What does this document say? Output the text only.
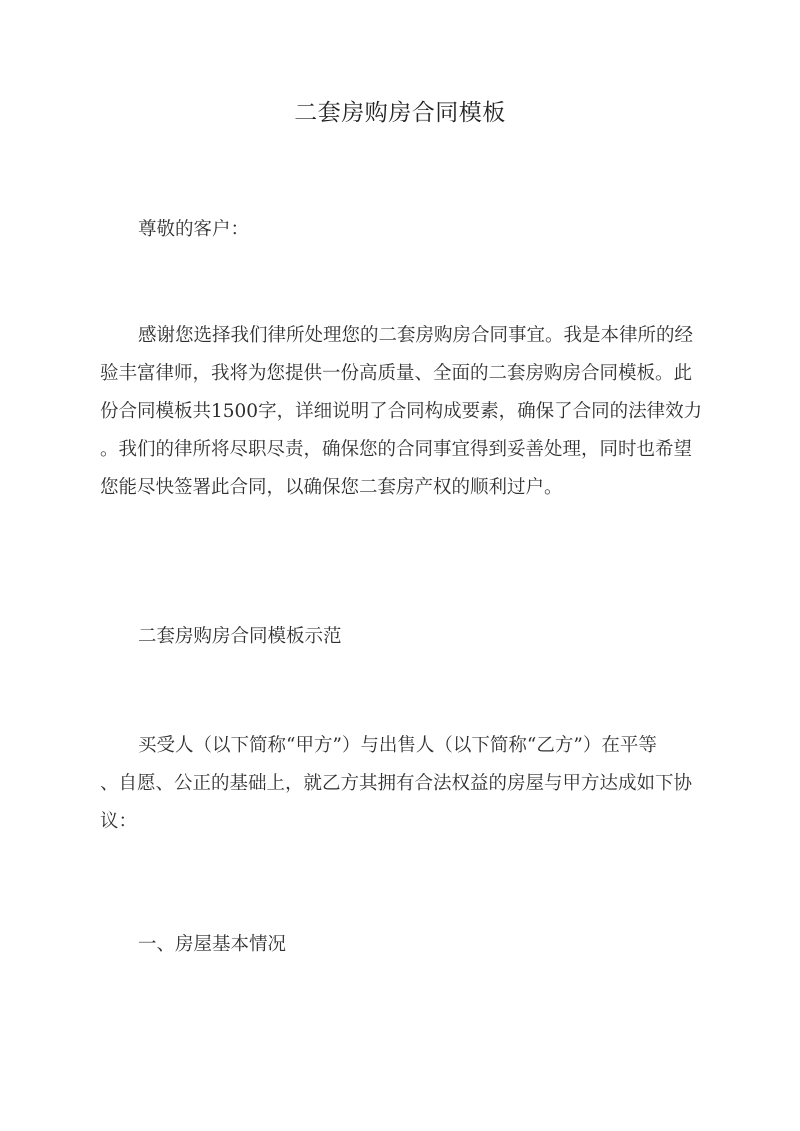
二套房购房合同模板
尊敬的客户：
感谢您选择我们律所处理您的二套房购房合同事宜。我是本律所的经
验丰富律师，我将为您提供一份高质量、全面的二套房购房合同模板。此
份合同模板共1500字，详细说明了合同构成要素，确保了合同的法律效力
。我们的律所将尽职尽责，确保您的合同事宜得到妥善处理，同时也希望
您能尽快签署此合同，以确保您二套房产权的顺利过户。
二套房购房合同模板示范
买受人（以下简称“甲方”）与出售人（以下简称“乙方”）在平等
、自愿、公正的基础上，就乙方其拥有合法权益的房屋与甲方达成如下协
议：
一、房屋基本情况
